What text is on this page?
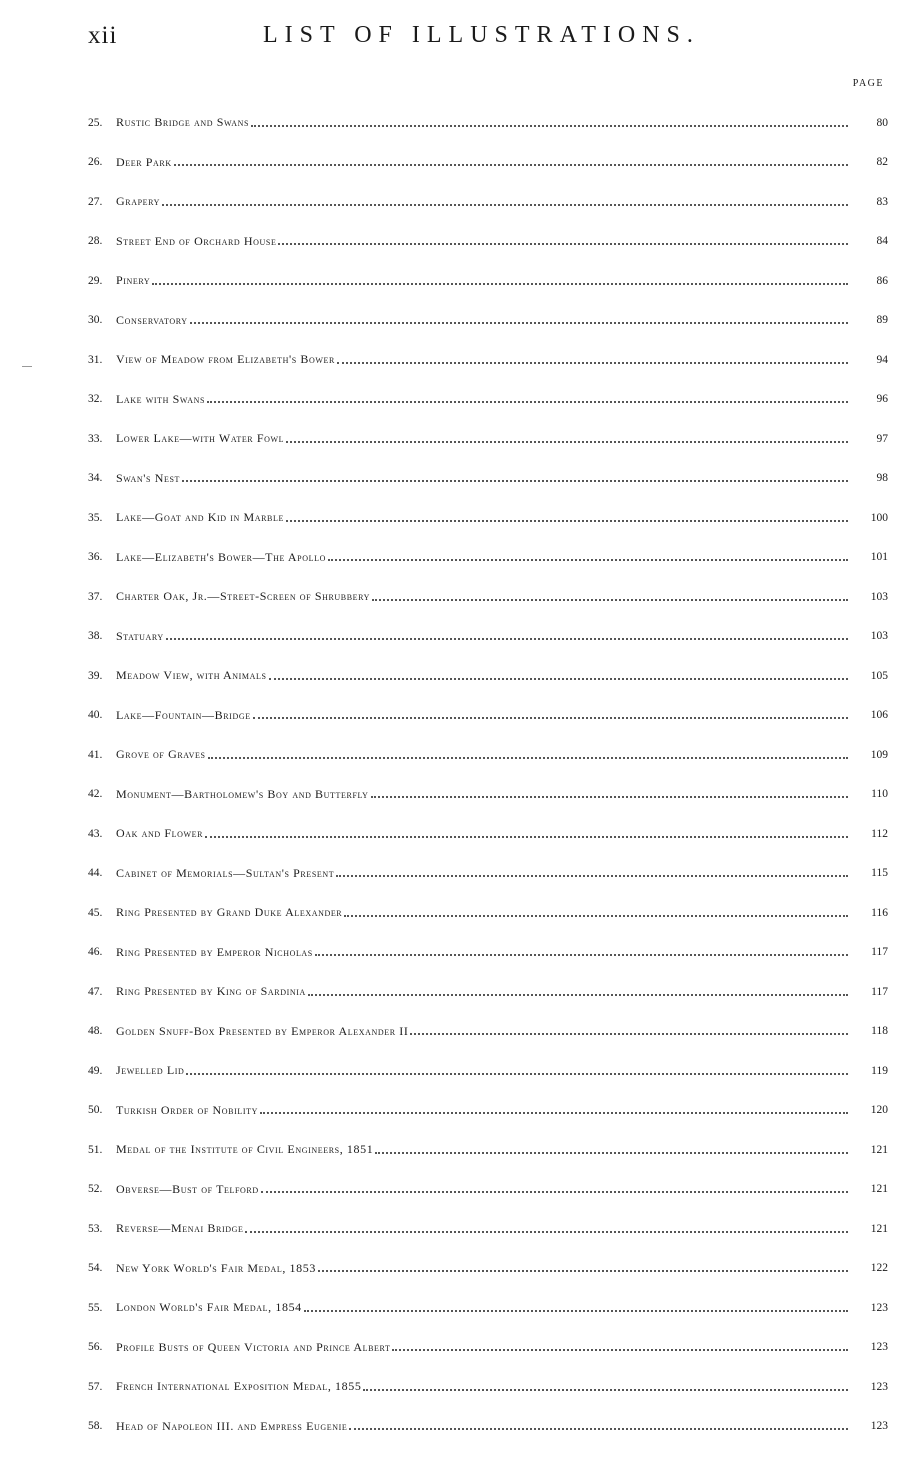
xii	LIST OF ILLUSTRATIONS.
PAGE
25.	Rustic Bridge and Swans	80
26.	Deer Park	82
27.	Grapery	83
28.	Street End of Orchard House	84
29.	Pinery	86
30.	Conservatory	89
31.	View of Meadow from Elizabeth's Bower	94
32.	Lake with Swans	96
33.	Lower Lake—with Water Fowl	97
34.	Swan's Nest	98
35.	Lake—Goat and Kid in Marble	100
36.	Lake—Elizabeth's Bower—The Apollo	101
37.	Charter Oak, Jr.—Street-Screen of Shrubbery	103
38.	Statuary	103
39.	Meadow View, with Animals	105
40.	Lake—Fountain—Bridge	106
41.	Grove of Graves	109
42.	Monument—Bartholomew's Boy and Butterfly	110
43.	Oak and Flower	112
44.	Cabinet of Memorials—Sultan's Present	115
45.	Ring Presented by Grand Duke Alexander	116
46.	Ring Presented by Emperor Nicholas	117
47.	Ring Presented by King of Sardinia	117
48.	Golden Snuff-Box Presented by Emperor Alexander II	118
49.	Jewelled Lid	119
50.	Turkish Order of Nobility	120
51.	Medal of the Institute of Civil Engineers, 1851	121
52.	Obverse—Bust of Telford	121
53.	Reverse—Menai Bridge	121
54.	New York World's Fair Medal, 1853	122
55.	London World's Fair Medal, 1854	123
56.	Profile Busts of Queen Victoria and Prince Albert	123
57.	French International Exposition Medal, 1855	123
58.	Head of Napoleon III. and Empress Eugenie	123
